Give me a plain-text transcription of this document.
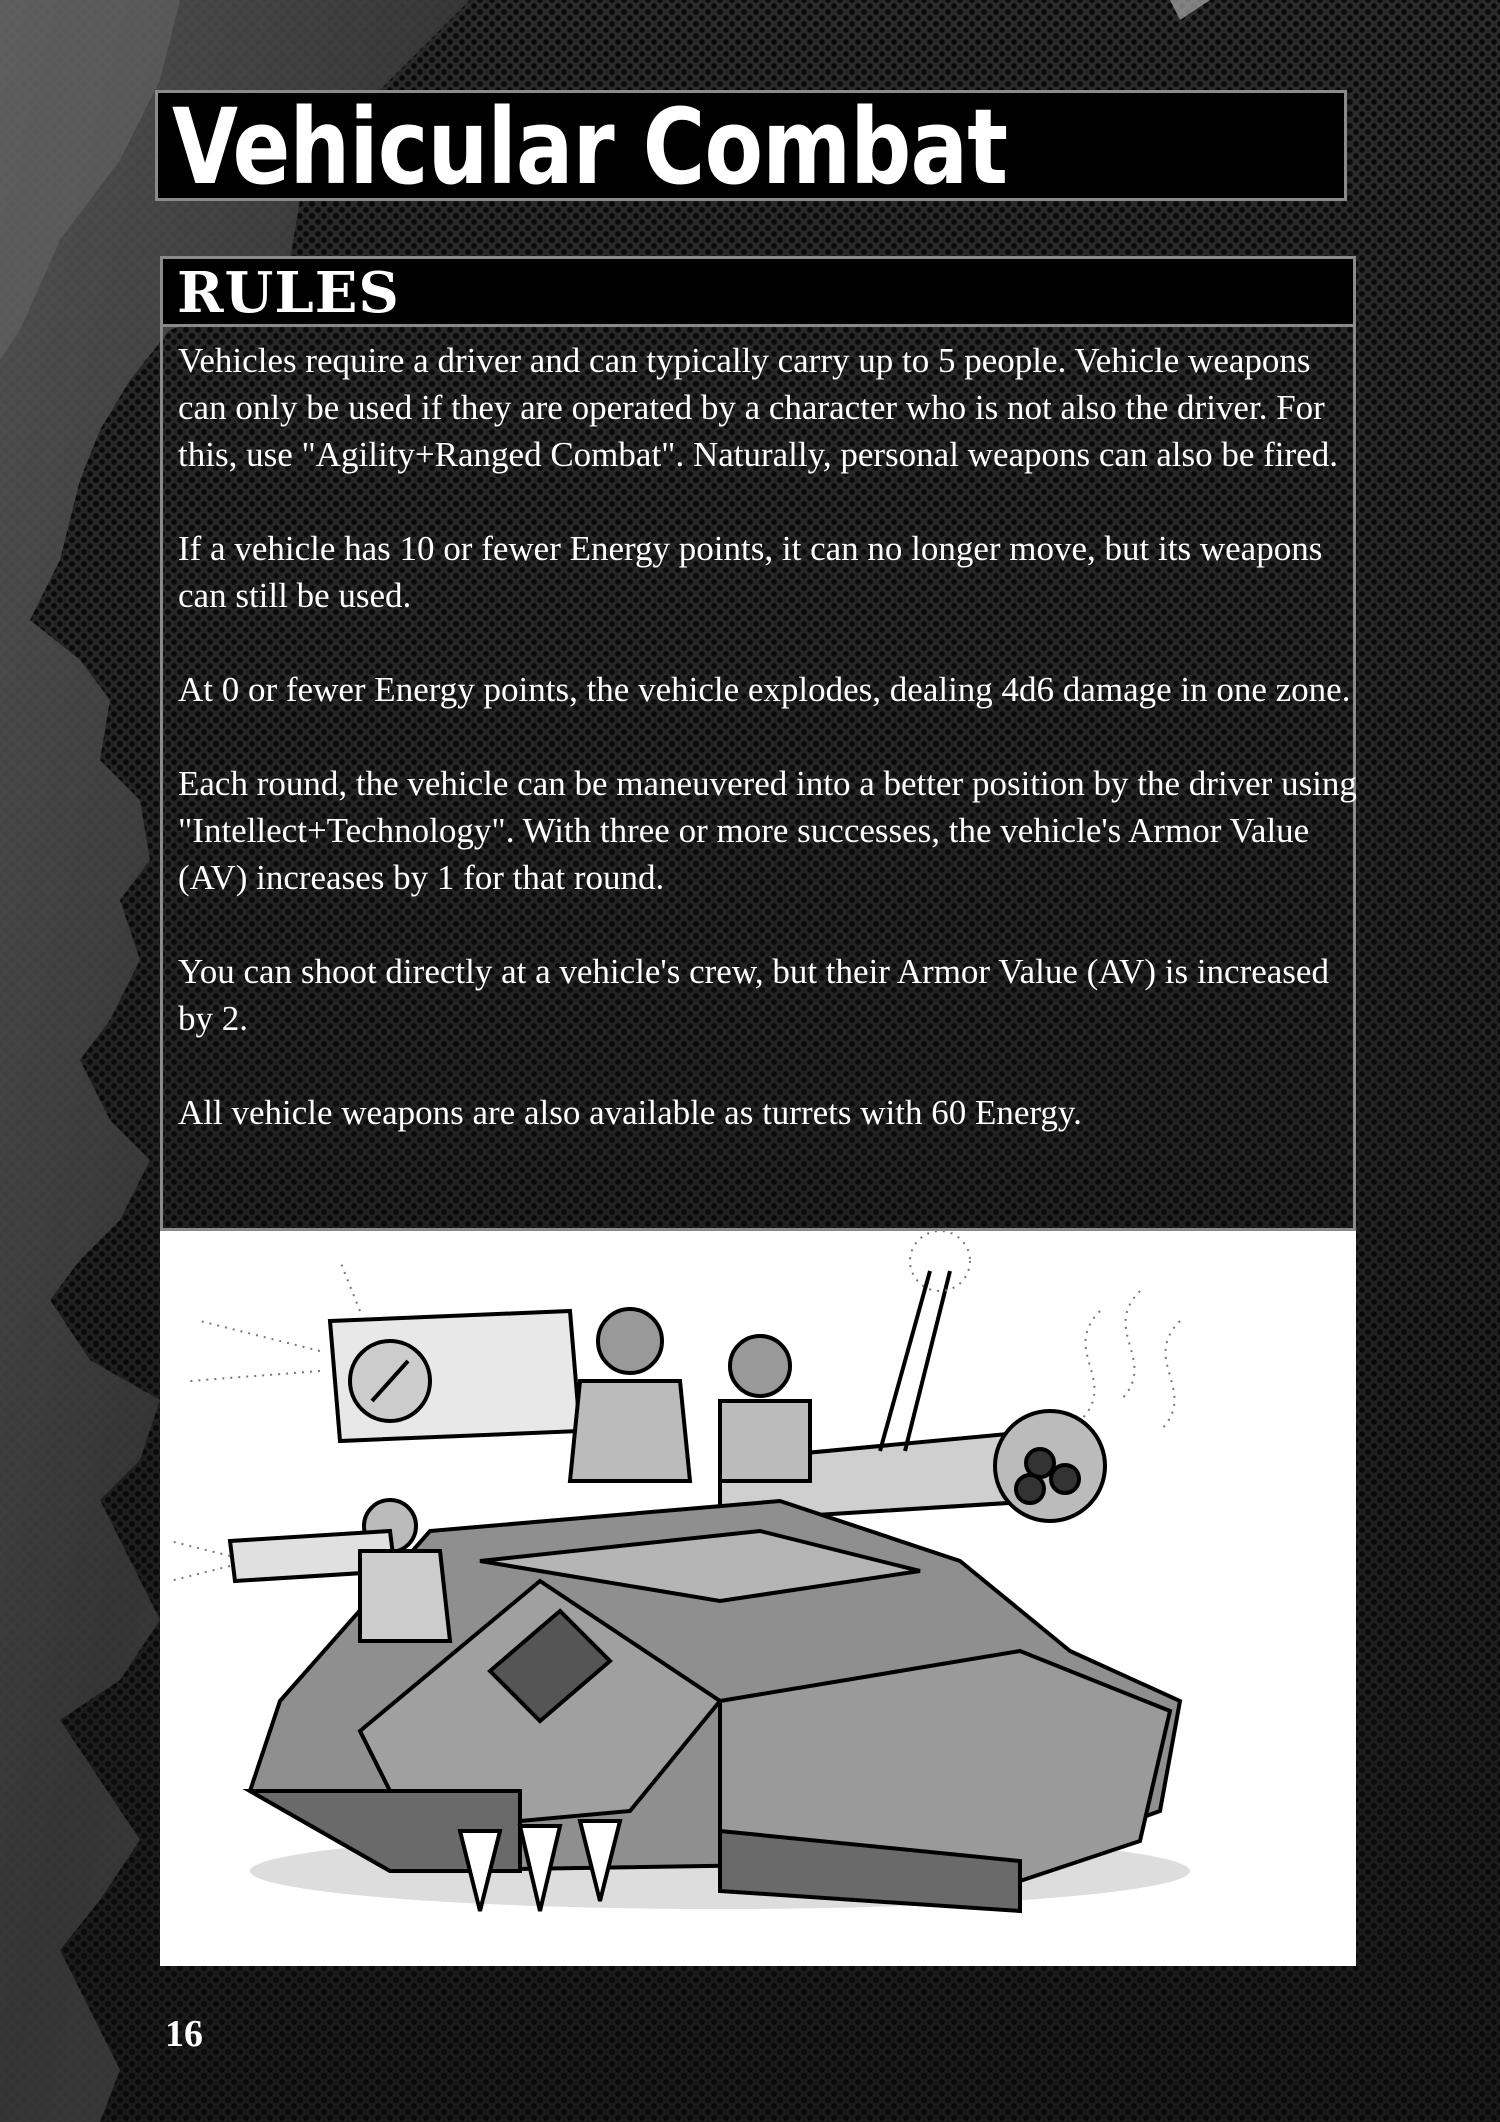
Vehicular Combat
RULES

Vehicles require a driver and can typically carry up to 5 people. Vehicle weapons can only be used if they are operated by a character who is not also the driver. For this, use "Agility+Ranged Combat". Naturally, personal weapons can also be fired.

If a vehicle has 10 or fewer Energy points, it can no longer move, but its weapons can still be used.

At 0 or fewer Energy points, the vehicle explodes, dealing 4d6 damage in one zone.

Each round, the vehicle can be maneuvered into a better position by the driver using "Intellect+Technology". With three or more successes, the vehicle's Armor Value (AV) increases by 1 for that round.

You can shoot directly at a vehicle's crew, but their Armor Value (AV) is increased by 2.

All vehicle weapons are also available as turrets with 60 Energy.

16
